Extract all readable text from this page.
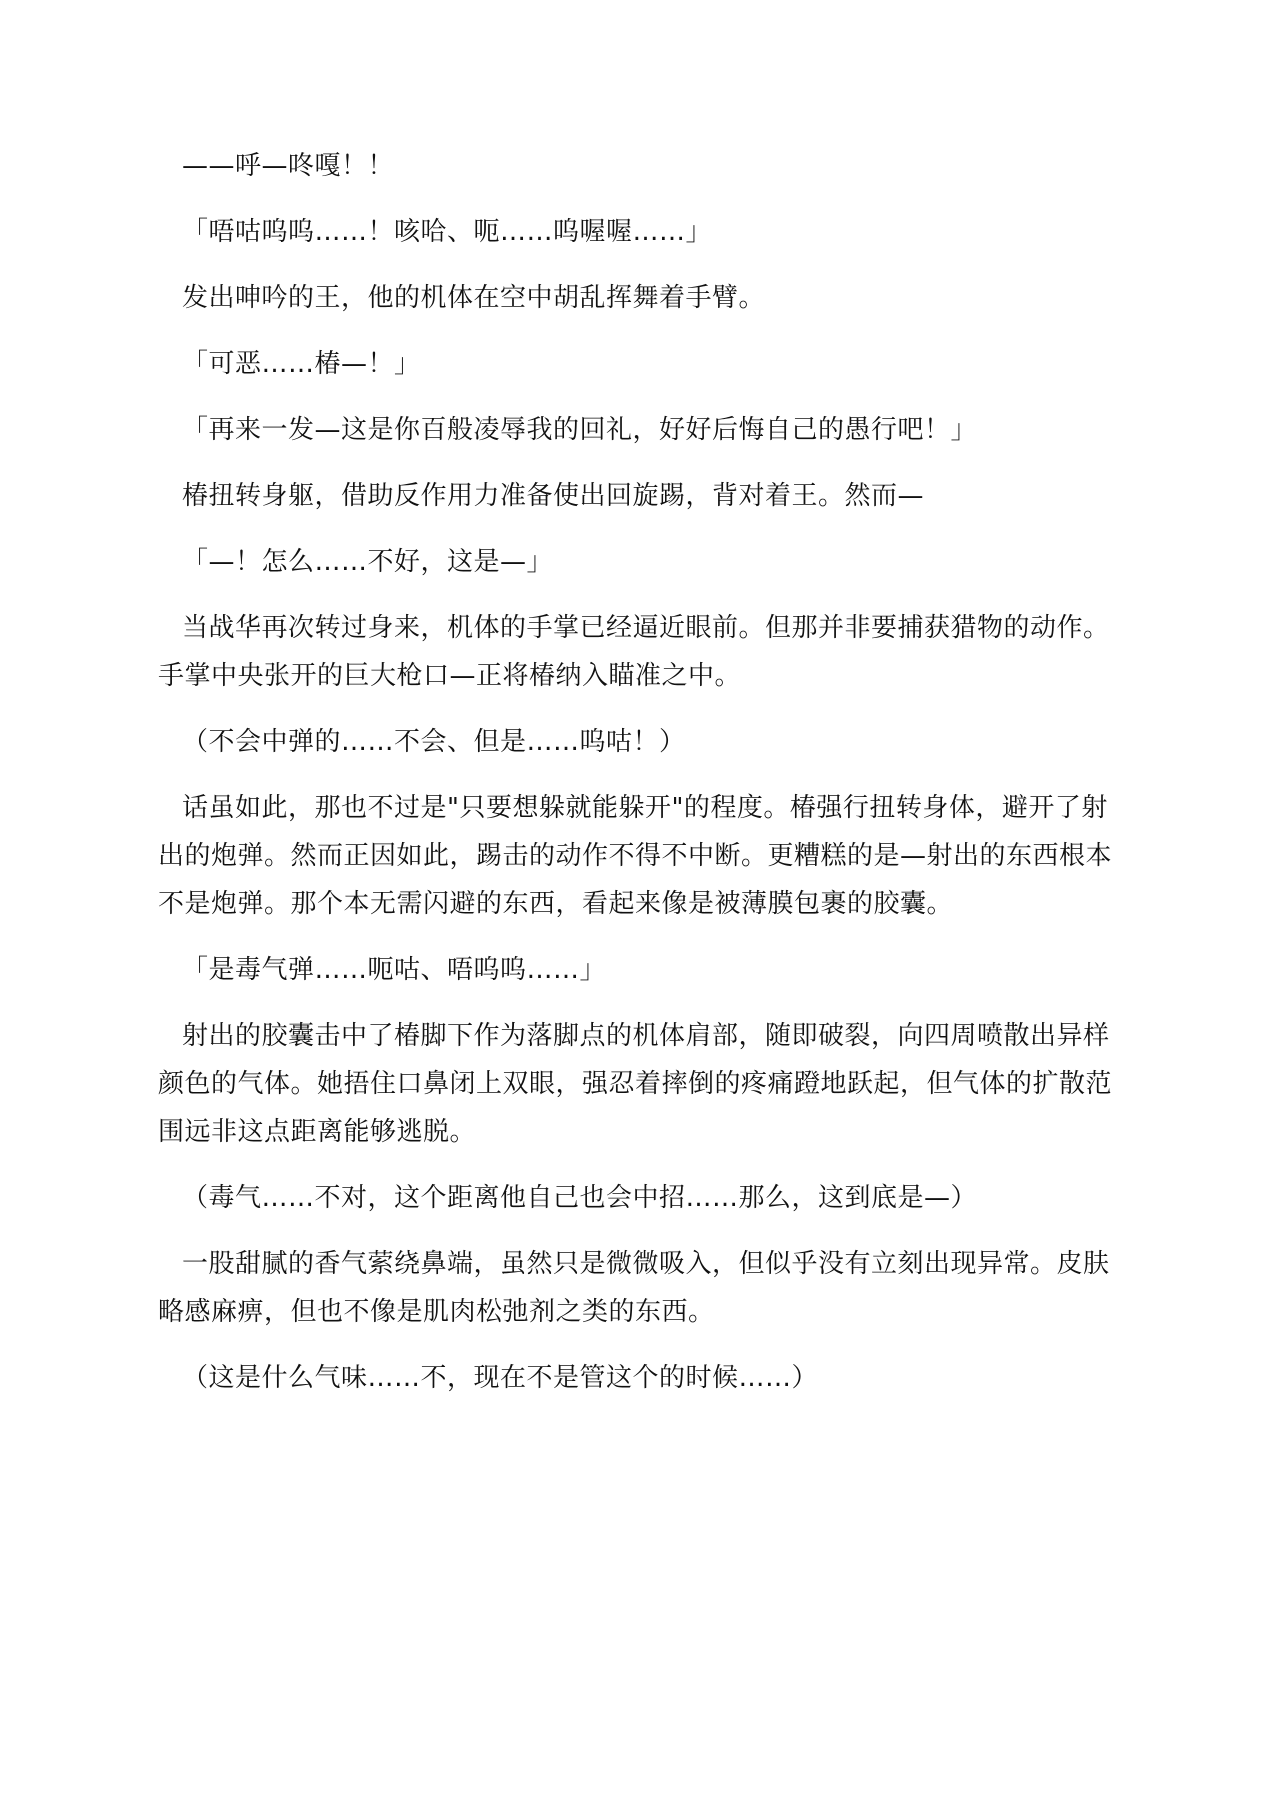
——呼—咚嘎！！

「唔咕呜呜……！咳哈、呃……呜喔喔……」

发出呻吟的王，他的机体在空中胡乱挥舞着手臂。

「可恶……椿—！」

「再来一发—这是你百般凌辱我的回礼，好好后悔自己的愚行吧！」

椿扭转身躯，借助反作用力准备使出回旋踢，背对着王。然而—

「—！怎么……不好，这是—」

当战华再次转过身来，机体的手掌已经逼近眼前。但那并非要捕获猎物的动作。手掌中央张开的巨大枪口—正将椿纳入瞄准之中。

（不会中弹的……不会、但是……呜咕！）

话虽如此，那也不过是"只要想躲就能躲开"的程度。椿强行扭转身体，避开了射出的炮弹。然而正因如此，踢击的动作不得不中断。更糟糕的是—射出的东西根本不是炮弹。那个本无需闪避的东西，看起来像是被薄膜包裹的胶囊。

「是毒气弹……呃咕、唔呜呜……」

射出的胶囊击中了椿脚下作为落脚点的机体肩部，随即破裂，向四周喷散出异样颜色的气体。她捂住口鼻闭上双眼，强忍着摔倒的疼痛蹬地跃起，但气体的扩散范围远非这点距离能够逃脱。

（毒气……不对，这个距离他自己也会中招……那么，这到底是—）

一股甜腻的香气萦绕鼻端，虽然只是微微吸入，但似乎没有立刻出现异常。皮肤略感麻痹，但也不像是肌肉松弛剂之类的东西。

（这是什么气味……不，现在不是管这个的时候……）
